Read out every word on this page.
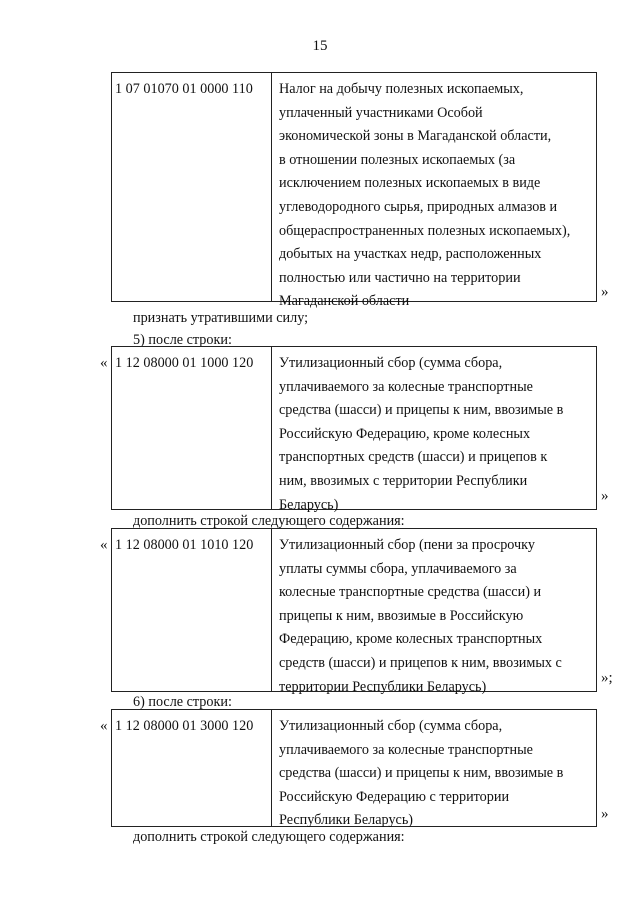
15
1 07 01070 01 0000 110	Налог на добычу полезных ископаемых,
уплаченный участниками Особой
экономической зоны в Магаданской области,
в отношении полезных ископаемых (за
исключением полезных ископаемых в виде
углеводородного сырья, природных алмазов и
общераспространенных полезных ископаемых),
добытых на участках недр, расположенных
полностью или частично на территории
Магаданской области
»
признать утратившими силу;
5) после строки:
« 1 12 08000 01 1000 120	Утилизационный сбор (сумма сбора,
уплачиваемого за колесные транспортные
средства (шасси) и прицепы к ним, ввозимые в
Российскую Федерацию, кроме колесных
транспортных средств (шасси) и прицепов к
ним, ввозимых с территории Республики
Беларусь)
»
дополнить строкой следующего содержания:
« 1 12 08000 01 1010 120	Утилизационный сбор (пени за просрочку
уплаты суммы сбора, уплачиваемого за
колесные транспортные средства (шасси) и
прицепы к ним, ввозимые в Российскую
Федерацию, кроме колесных транспортных
средств (шасси) и прицепов к ним, ввозимых с
территории Республики Беларусь)
»;
6) после строки:
« 1 12 08000 01 3000 120	Утилизационный сбор (сумма сбора,
уплачиваемого за колесные транспортные
средства (шасси) и прицепы к ним, ввозимые в
Российскую Федерацию с территории
Республики Беларусь)	»
дополнить строкой следующего содержания:
